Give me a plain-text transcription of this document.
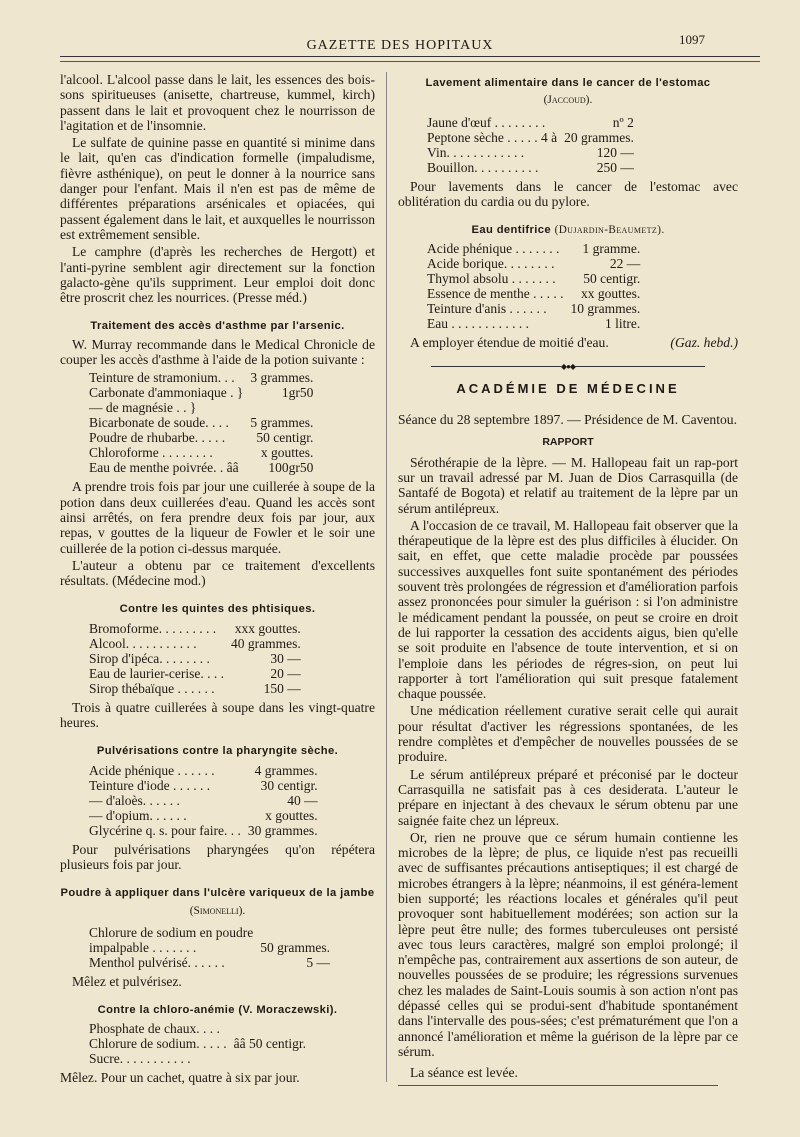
GAZETTE DES HOPITAUX	1097

l'alcool. L'alcool passe dans le lait, les essences des bois-sons spiritueuses (anisette, chartreuse, kummel, kirch) passent dans le lait et provoquent chez le nourrisson de l'agitation et de l'insomnie.

Le sulfate de quinine passe en quantité si minime dans le lait, qu'en cas d'indication formelle (impaludisme, fièvre asthénique), on peut le donner à la nourrice sans danger pour l'enfant. Mais il n'en est pas de même de différentes préparations arsénicales et opiacées, qui passent également dans le lait, et auxquelles le nourrisson est extrêmement sensible.

Le camphre (d'après les recherches de Hergott) et l'anti-pyrine semblent agir directement sur la fonction galacto-gène qu'ils suppriment. Leur emploi doit donc être proscrit chez les nourrices. (Presse méd.)

Traitement des accès d'asthme par l'arsenic.

W. Murray recommande dans le Medical Chronicle de couper les accès d'asthme à l'aide de la potion suivante :

Teinture de stramonium. . .	3 grammes.
Carbonate d'ammoniaque . }	1gr50
— de magnésie . . }	
Bicarbonate de soude. . . .	5 grammes.
Poudre de rhubarbe. . . . .	50 centigr.
Chloroforme . . . . . . . .	x gouttes.
Eau de menthe poivrée. . ââ	100gr50

A prendre trois fois par jour une cuillerée à soupe de la potion dans deux cuillerées d'eau. Quand les accès sont ainsi arrêtés, on fera prendre deux fois par jour, aux repas, v gouttes de la liqueur de Fowler et le soir une cuillerée de la potion ci-dessus marquée.

L'auteur a obtenu par ce traitement d'excellents résultats. (Médecine mod.)

Contre les quintes des phtisiques.
Bromoforme. . . . . . . . .	xxx gouttes.
Alcool. . . . . . . . . . .	40 grammes.
Sirop d'ipéca. . . . . . . .	30 —
Eau de laurier-cerise. . . .	20 —
Sirop thébaïque . . . . . .	150 —

Trois à quatre cuillerées à soupe dans les vingt-quatre heures.

Pulvérisations contre la pharyngite sèche.
Acide phénique . . . . . .	4 grammes.
Teinture d'iode . . . . . .	30 centigr.
— d'aloès. . . . . .	40 —
— d'opium. . . . . .	x gouttes.
Glycérine q. s. pour faire. . .	30 grammes.

Pour pulvérisations pharyngées qu'on répétera plusieurs fois par jour.

Poudre à appliquer dans l'ulcère variqueux de la jambe
(Simonelli).
Chlorure de sodium en poudre	
impalpable . . . . . . .	50 grammes.
Menthol pulvérisé. . . . . .	5 —

Mêlez et pulvérisez.

Contre la chloro-anémie (V. Moraczewski).
Phosphate de chaux. . . .	
Chlorure de sodium. . . . .	ââ 50 centigr.
Sucre. . . . . . . . . . .	

Mêlez. Pour un cachet, quatre à six par jour.

Lavement alimentaire dans le cancer de l'estomac
(Jaccoud).
Jaune d'œuf . . . . . . . .	nº 2
Peptone sèche . . . . . 4 à	20 grammes.
Vin. . . . . . . . . . . .	120 —
Bouillon. . . . . . . . . .	250 —

Pour lavements dans le cancer de l'estomac avec oblitération du cardia ou du pylore.

Eau dentifrice (Dujardin-Beaumetz).
Acide phénique . . . . . . .	1 gramme.
Acide borique. . . . . . . .	22 —
Thymol absolu . . . . . . .	50 centigr.
Essence de menthe . . . . .	xx gouttes.
Teinture d'anis . . . . . .	10 grammes.
Eau . . . . . . . . . . . .	1 litre.

A employer étendue de moitié d'eau.	(Gaz. hebd.)

◆●◆
ACADÉMIE DE MÉDECINE

Séance du 28 septembre 1897. — Présidence de M. Caventou.

RAPPORT

Sérothérapie de la lèpre. — M. Hallopeau fait un rap-port sur un travail adressé par M. Juan de Dios Carrasquilla (de Santafé de Bogota) et relatif au traitement de la lèpre par un sérum antilépreux.

A l'occasion de ce travail, M. Hallopeau fait observer que la thérapeutique de la lèpre est des plus difficiles à élucider. On sait, en effet, que cette maladie procède par poussées successives auxquelles font suite spontanément des périodes souvent très prolongées de régression et d'amélioration parfois assez prononcées pour simuler la guérison : si l'on administre le médicament pendant la poussée, on peut se croire en droit de lui rapporter la cessation des accidents aigus, bien qu'elle se soit produite en l'absence de toute intervention, et si on l'emploie dans les périodes de régres-sion, on peut lui rapporter à tort l'amélioration qui suit presque fatalement chaque poussée.

Une médication réellement curative serait celle qui aurait pour résultat d'activer les régressions spontanées, de les rendre complètes et d'empêcher de nouvelles poussées de se produire.

Le sérum antilépreux préparé et préconisé par le docteur Carrasquilla ne satisfait pas à ces desiderata. L'auteur le prépare en injectant à des chevaux le sérum obtenu par une saignée faite chez un lépreux.

Or, rien ne prouve que ce sérum humain contienne les microbes de la lèpre; de plus, ce liquide n'est pas recueilli avec de suffisantes précautions antiseptiques; il est chargé de microbes étrangers à la lèpre; néanmoins, il est généra-lement bien supporté; les réactions locales et générales qu'il peut provoquer sont habituellement modérées; son action sur la lèpre peut être nulle; des formes tuberculeuses ont persisté avec tous leurs caractères, malgré son emploi prolongé; il n'empêche pas, contrairement aux assertions de son auteur, de nouvelles poussées de se produire; les régressions survenues chez les malades de Saint-Louis soumis à son action n'ont pas dépassé celles qui se produi-sent d'habitude spontanément dans l'intervalle des pous-sées; c'est prématurément que l'on a annoncé l'amélioration et même la guérison de la lèpre par ce sérum.

La séance est levée.
